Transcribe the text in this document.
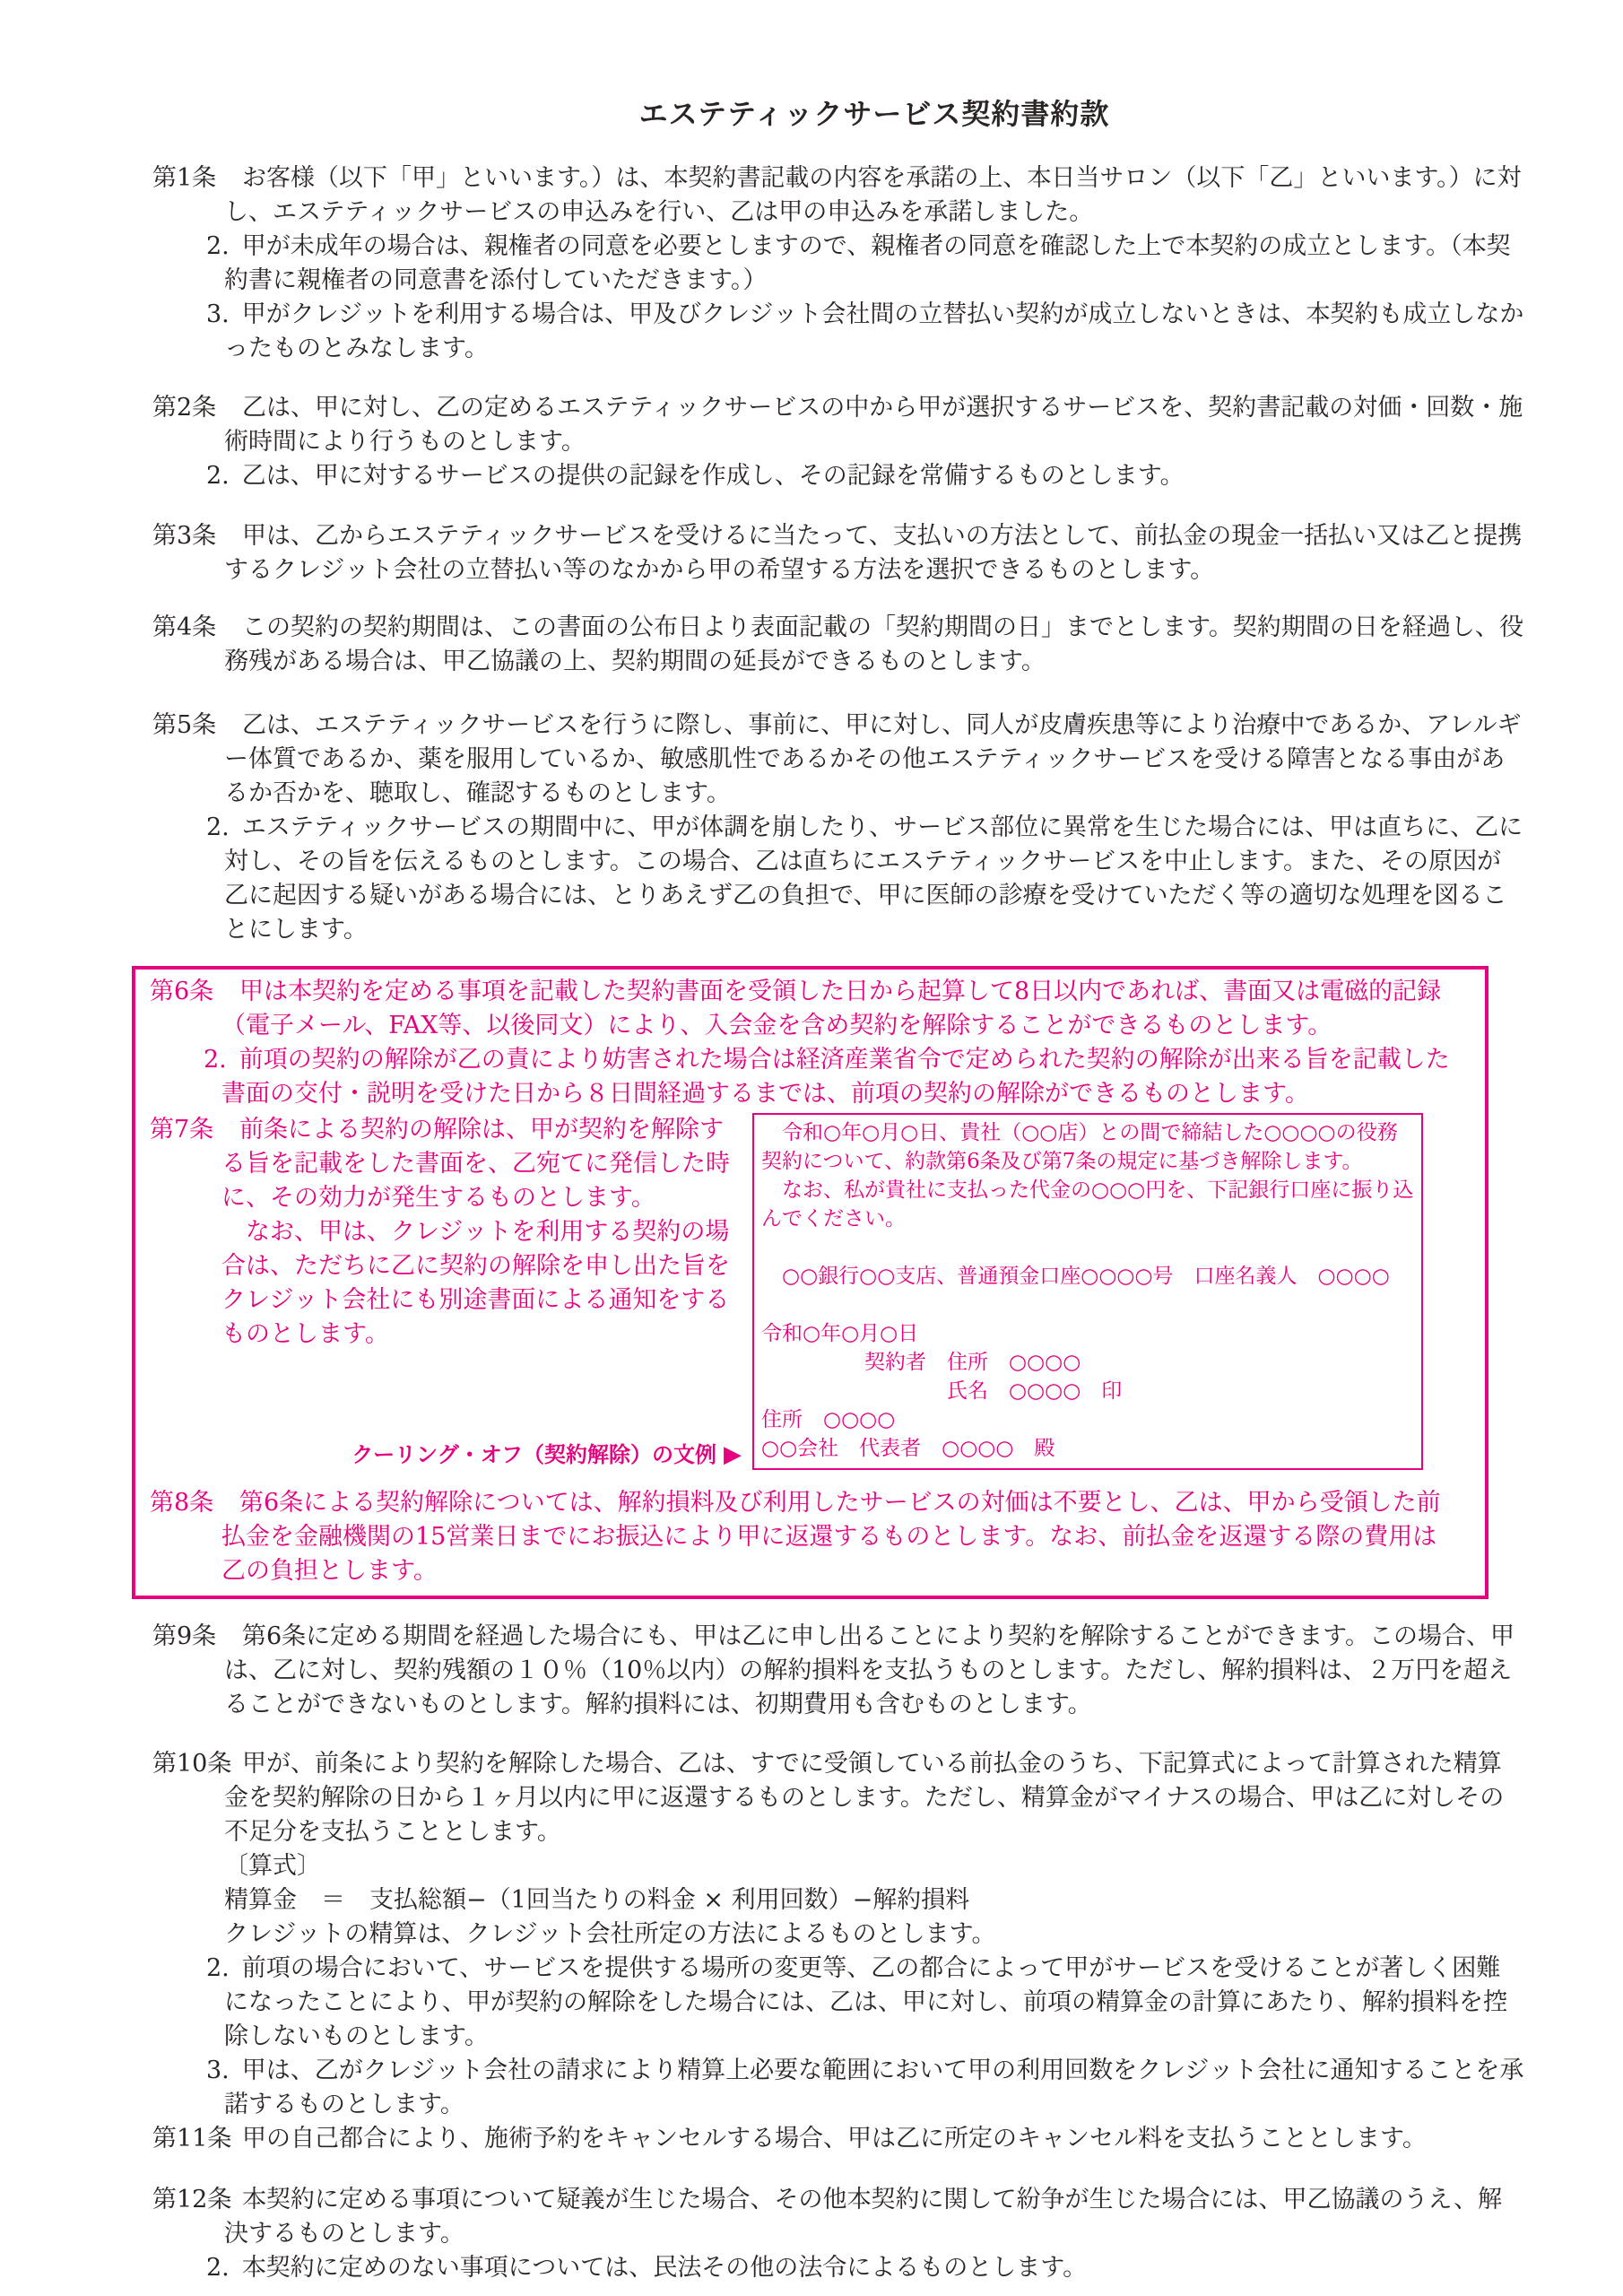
エステティックサービス契約書約款
第1条	お客様（以下「甲」といいます。）は、本契約書記載の内容を承諾の上、本日当サロン（以下「乙」といいます。）に対し、エステティックサービスの申込みを行い、乙は甲の申込みを承諾しました。

2. 甲が未成年の場合は、親権者の同意を必要としますので、親権者の同意を確認した上で本契約の成立とします。（本契約書に親権者の同意書を添付していただきます。）

3. 甲がクレジットを利用する場合は、甲及びクレジット会社間の立替払い契約が成立しないときは、本契約も成立しなかったものとみなします。

第2条	乙は、甲に対し、乙の定めるエステティックサービスの中から甲が選択するサービスを、契約書記載の対価・回数・施術時間により行うものとします。

2. 乙は、甲に対するサービスの提供の記録を作成し、その記録を常備するものとします。

第3条	甲は、乙からエステティックサービスを受けるに当たって、支払いの方法として、前払金の現金一括払い又は乙と提携するクレジット会社の立替払い等のなかから甲の希望する方法を選択できるものとします。

第4条	この契約の契約期間は、この書面の公布日より表面記載の「契約期間の日」までとします。契約期間の日を経過し、役務残がある場合は、甲乙協議の上、契約期間の延長ができるものとします。

第5条	乙は、エステティックサービスを行うに際し、事前に、甲に対し、同人が皮膚疾患等により治療中であるか、アレルギー体質であるか、薬を服用しているか、敏感肌性であるかその他エステティックサービスを受ける障害となる事由があるか否かを、聴取し、確認するものとします。

2. エステティックサービスの期間中に、甲が体調を崩したり、サービス部位に異常を生じた場合には、甲は直ちに、乙に対し、その旨を伝えるものとします。この場合、乙は直ちにエステティックサービスを中止します。また、その原因が乙に起因する疑いがある場合には、とりあえず乙の負担で、甲に医師の診療を受けていただく等の適切な処理を図ることにします。

第6条	甲は本契約を定める事項を記載した契約書面を受領した日から起算して8日以内であれば、書面又は電磁的記録（電子メール、FAX等、以後同文）により、入会金を含め契約を解除することができるものとします。

2. 前項の契約の解除が乙の責により妨害された場合は経済産業省令で定められた契約の解除が出来る旨を記載した書面の交付・説明を受けた日から８日間経過するまでは、前項の契約の解除ができるものとします。

第7条	前条による契約の解除は、甲が契約を解除する旨を記載をした書面を、乙宛てに発信した時に、その効力が発生するものとします。

　なお、甲は、クレジットを利用する契約の場合は、ただちに乙に契約の解除を申し出た旨をクレジット会社にも別途書面による通知をするものとします。

クーリング・オフ（契約解除）の文例 ▶
　令和○年○月○日、貴社（○○店）との間で締結した○○○○の役務契約について、約款第6条及び第7条の規定に基づき解除します。
　なお、私が貴社に支払った代金の○○○円を、下記銀行口座に振り込んでください。
　○○銀行○○支店、普通預金口座○○○○号　口座名義人　○○○○
令和○年○月○日
　　　　　契約者　住所　○○○○
　　　　　　　　　氏名　○○○○　印
住所　○○○○
○○会社　代表者　○○○○　殿
第8条	第6条による契約解除については、解約損料及び利用したサービスの対価は不要とし、乙は、甲から受領した前払金を金融機関の15営業日までにお振込により甲に返還するものとします。なお、前払金を返還する際の費用は乙の負担とします。

第9条	第6条に定める期間を経過した場合にも、甲は乙に申し出ることにより契約を解除することができます。この場合、甲は、乙に対し、契約残額の１０％（10％以内）の解約損料を支払うものとします。ただし、解約損料は、２万円を超えることができないものとします。解約損料には、初期費用も含むものとします。

第10条 甲が、前条により契約を解除した場合、乙は、すでに受領している前払金のうち、下記算式によって計算された精算金を契約解除の日から１ヶ月以内に甲に返還するものとします。ただし、精算金がマイナスの場合、甲は乙に対しその不足分を支払うこととします。

〔算式〕

精算金　＝　支払総額−（1回当たりの料金 × 利用回数）−解約損料

クレジットの精算は、クレジット会社所定の方法によるものとします。

2. 前項の場合において、サービスを提供する場所の変更等、乙の都合によって甲がサービスを受けることが著しく困難になったことにより、甲が契約の解除をした場合には、乙は、甲に対し、前項の精算金の計算にあたり、解約損料を控除しないものとします。

3. 甲は、乙がクレジット会社の請求により精算上必要な範囲において甲の利用回数をクレジット会社に通知することを承諾するものとします。

第11条 甲の自己都合により、施術予約をキャンセルする場合、甲は乙に所定のキャンセル料を支払うこととします。

第12条 本契約に定める事項について疑義が生じた場合、その他本契約に関して紛争が生じた場合には、甲乙協議のうえ、解決するものとします。

2. 本契約に定めのない事項については、民法その他の法令によるものとします。
